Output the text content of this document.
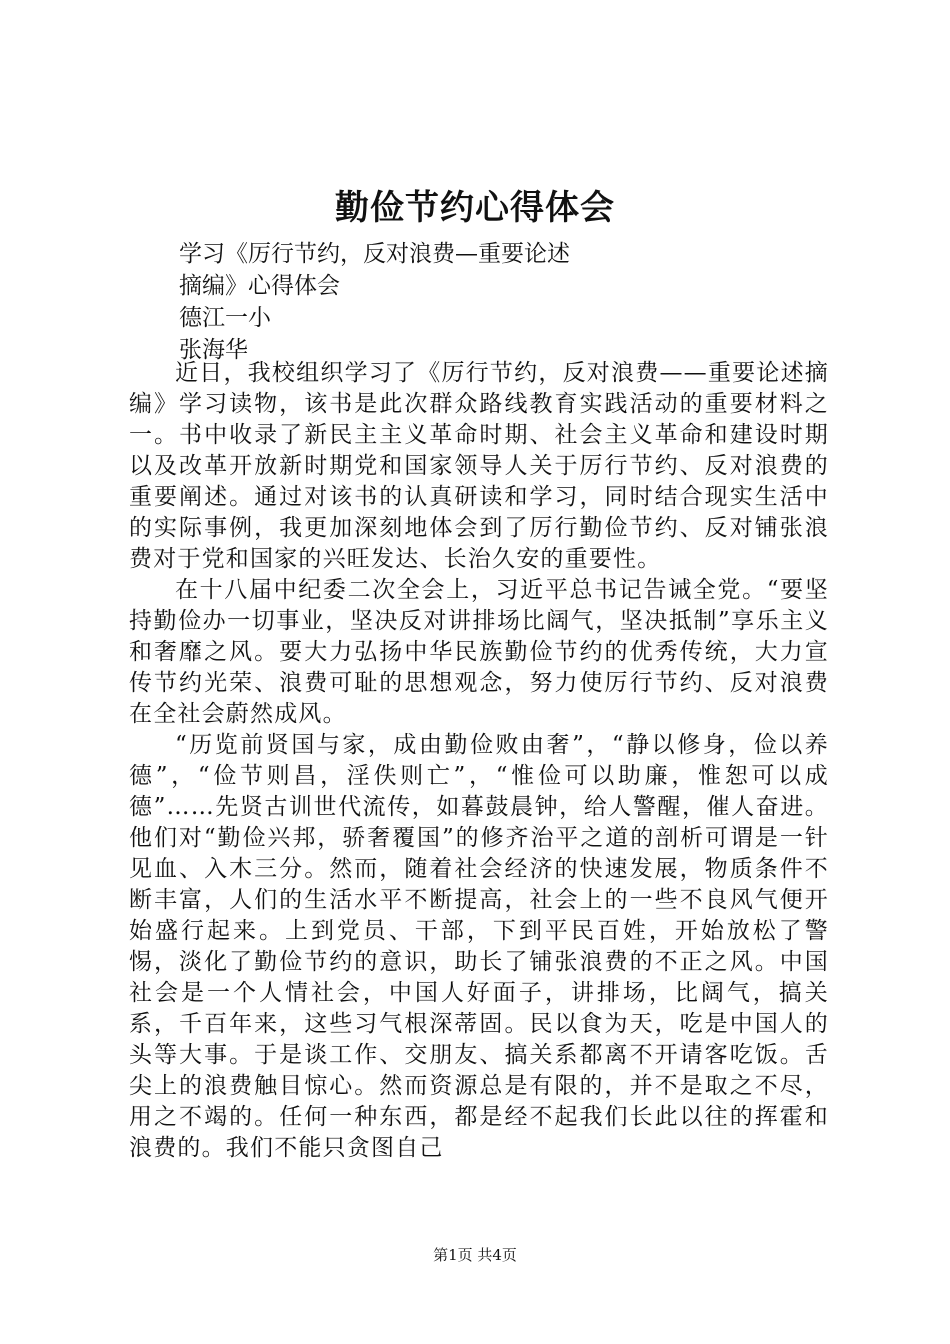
勤俭节约心得体会
学习《厉行节约，反对浪费—重要论述
摘编》心得体会
德江一小
张海华

近日，我校组织学习了《厉行节约，反对浪费——重要论述摘编》学习读物，该书是此次群众路线教育实践活动的重要材料之一。书中收录了新民主主义革命时期、社会主义革命和建设时期以及改革开放新时期党和国家领导人关于厉行节约、反对浪费的重要阐述。通过对该书的认真研读和学习，同时结合现实生活中的实际事例，我更加深刻地体会到了厉行勤俭节约、反对铺张浪费对于党和国家的兴旺发达、长治久安的重要性。

在十八届中纪委二次全会上，习近平总书记告诫全党。“要坚持勤俭办一切事业，坚决反对讲排场比阔气，坚决抵制”享乐主义和奢靡之风。要大力弘扬中华民族勤俭节约的优秀传统，大力宣传节约光荣、浪费可耻的思想观念，努力使厉行节约、反对浪费在全社会蔚然成风。

“历览前贤国与家，成由勤俭败由奢”，“静以修身，俭以养德”，“俭节则昌，淫佚则亡”，“惟俭可以助廉，惟恕可以成德”……先贤古训世代流传，如暮鼓晨钟，给人警醒，催人奋进。他们对“勤俭兴邦，骄奢覆国”的修齐治平之道的剖析可谓是一针见血、入木三分。然而，随着社会经济的快速发展，物质条件不断丰富，人们的生活水平不断提高，社会上的一些不良风气便开始盛行起来。上到党员、干部，下到平民百姓，开始放松了警惕，淡化了勤俭节约的意识，助长了铺张浪费的不正之风。中国社会是一个人情社会，中国人好面子，讲排场，比阔气，搞关系，千百年来，这些习气根深蒂固。民以食为天，吃是中国人的头等大事。于是谈工作、交朋友、搞关系都离不开请客吃饭。舌尖上的浪费触目惊心。然而资源总是有限的，并不是取之不尽，用之不竭的。任何一种东西，都是经不起我们长此以往的挥霍和浪费的。我们不能只贪图自己

第1页 共4页
